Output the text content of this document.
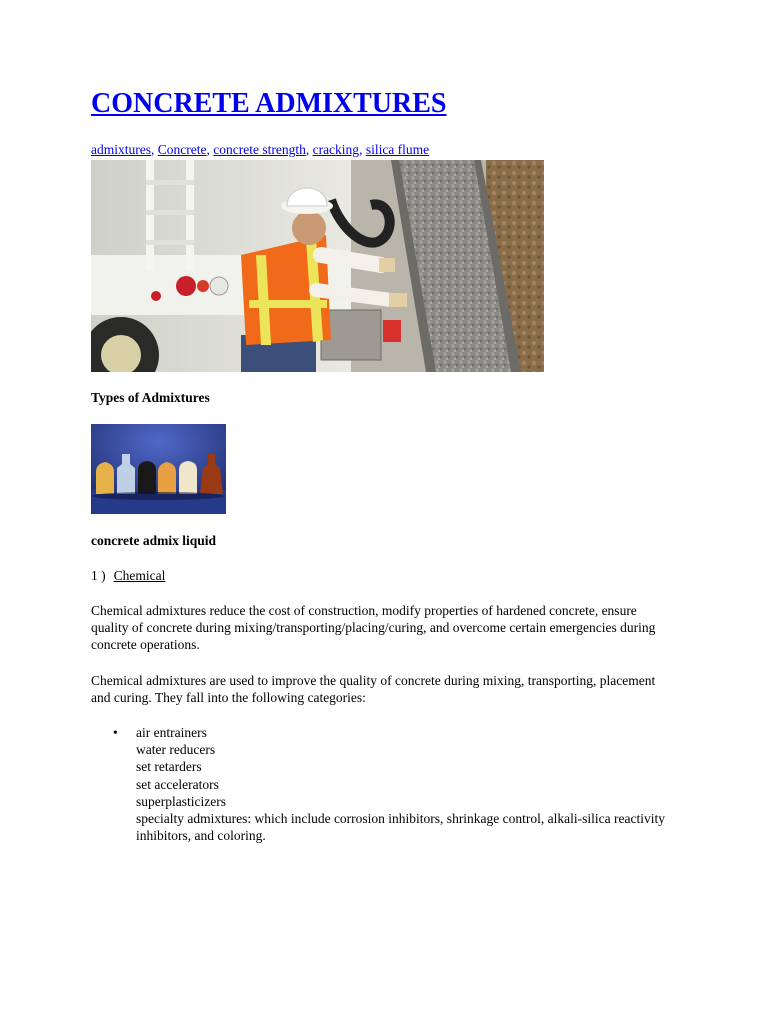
CONCRETE ADMIXTURES
admixtures, Concrete, concrete strength, cracking, silica flume

Types of Admixtures

concrete admix liquid

1 ) Chemical

Chemical admixtures reduce the cost of construction, modify properties of hardened concrete, ensure quality of concrete during mixing/transporting/placing/curing, and overcome certain emergencies during concrete operations.

Chemical admixtures are used to improve the quality of concrete during mixing, transporting, placement and curing. They fall into the following categories:

• air entrainers
water reducers
set retarders
set accelerators
superplasticizers
specialty admixtures: which include corrosion inhibitors, shrinkage control, alkali-silica reactivity inhibitors, and coloring.
